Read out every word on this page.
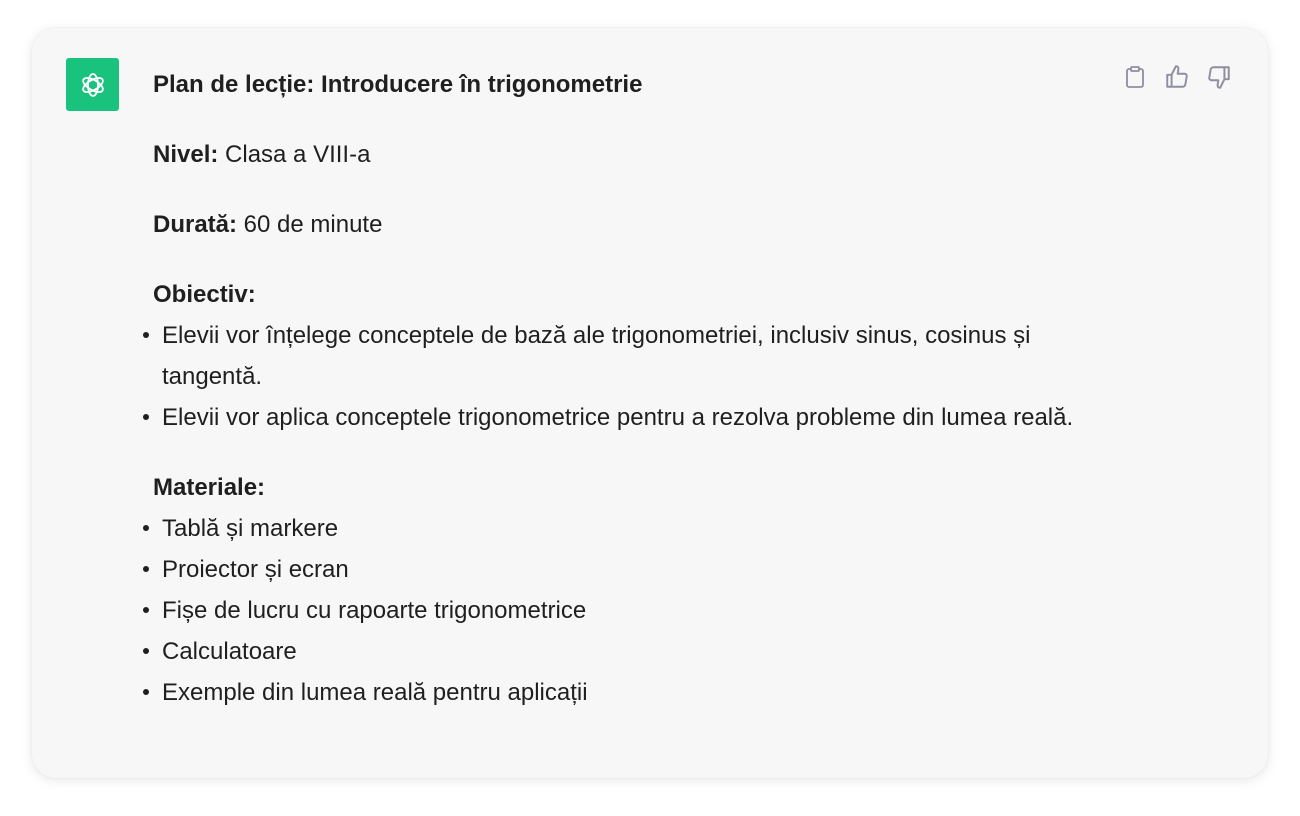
Plan de lecție: Introducere în trigonometrie

Nivel: Clasa a VIII-a

Durată: 60 de minute

Obiectiv:

Elevii vor înțelege conceptele de bază ale trigonometriei, inclusiv sinus, cosinus și tangentă.
Elevii vor aplica conceptele trigonometrice pentru a rezolva probleme din lumea reală.

Materiale:

Tablă și markere
Proiector și ecran
Fișe de lucru cu rapoarte trigonometrice
Calculatoare
Exemple din lumea reală pentru aplicații
